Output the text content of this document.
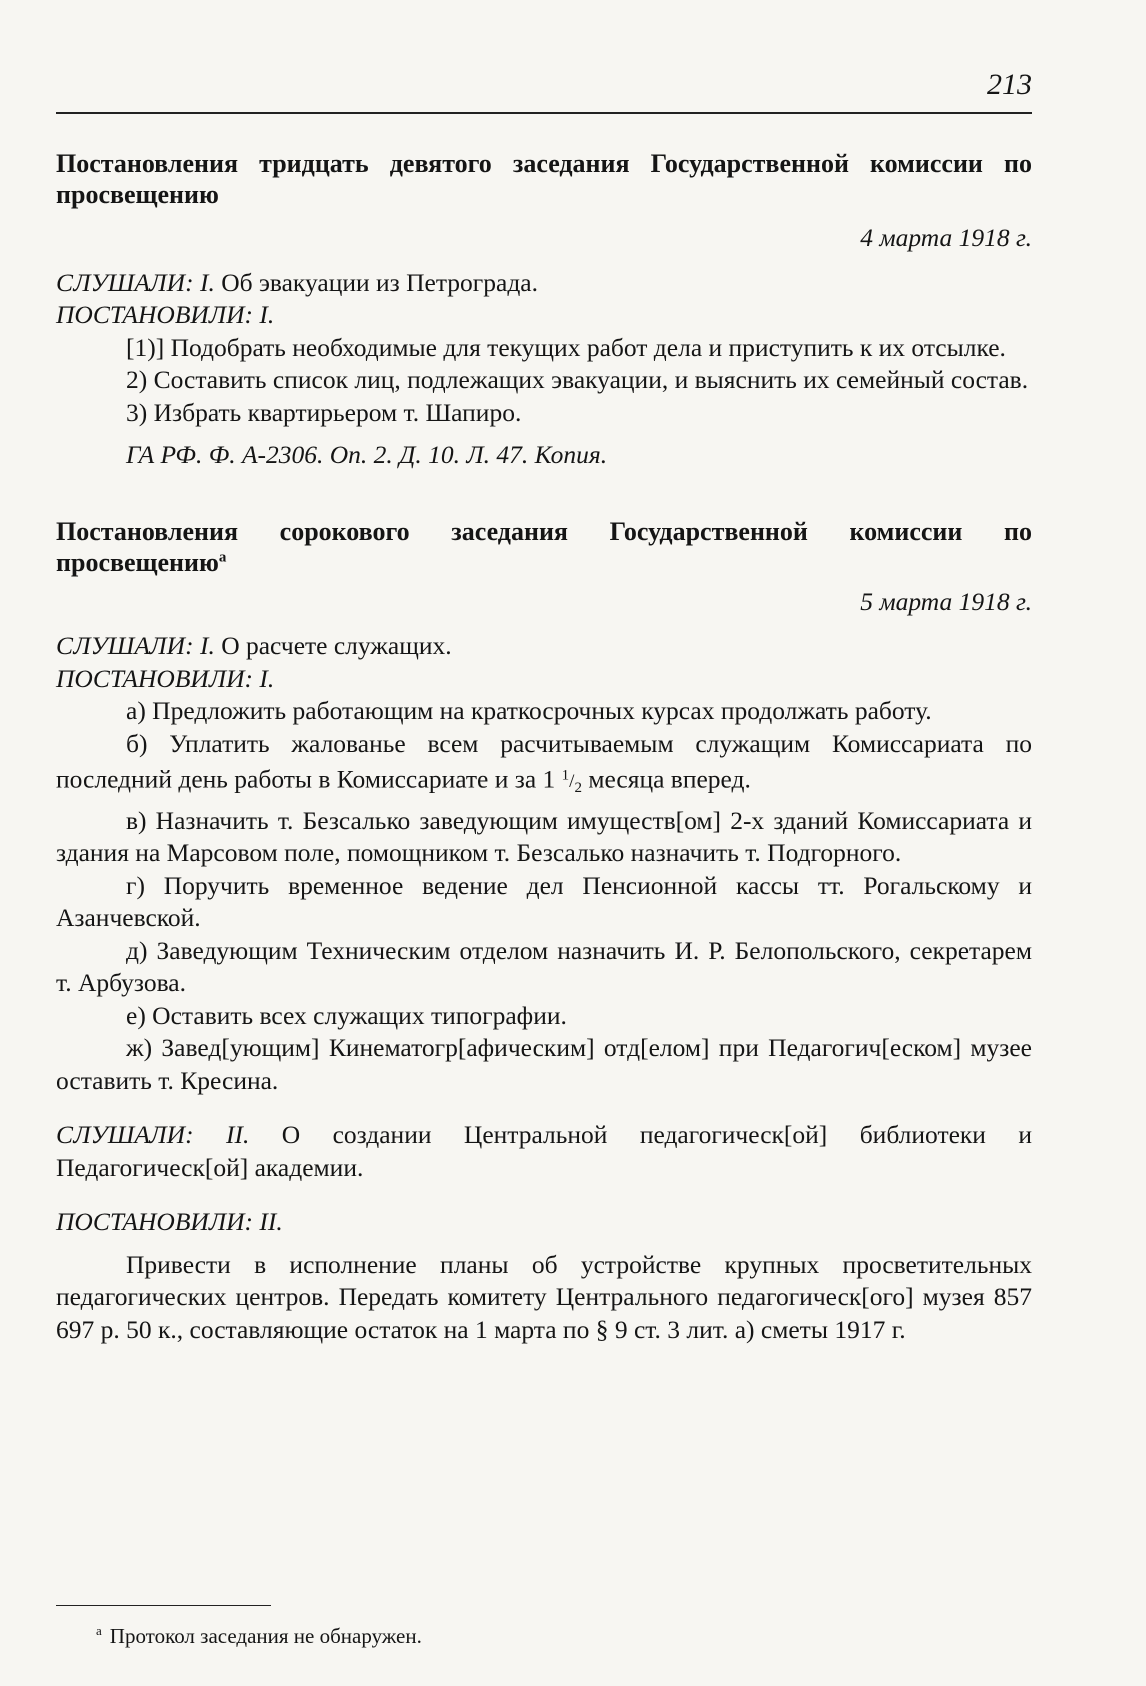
213

Постановления тридцать девятого заседания Государственной комиссии по просвещению

4 марта 1918 г.

СЛУШАЛИ: I. Об эвакуации из Петрограда.

ПОСТАНОВИЛИ: I.

[1)] Подобрать необходимые для текущих работ дела и приступить к их отсылке.

2) Составить список лиц, подлежащих эвакуации, и выяснить их семейный состав.

3) Избрать квартирьером т. Шапиро.

ГА РФ. Ф. А-2306. Оп. 2. Д. 10. Л. 47. Копия.

Постановления сорокового заседания Государственной комиссии по просвещению$^а$

5 марта 1918 г.

СЛУШАЛИ: I. О расчете служащих.

ПОСТАНОВИЛИ: I.

а) Предложить работающим на краткосрочных курсах продолжать работу.

б) Уплатить жалованье всем расчитываемым служащим Комиссариата по последний день работы в Комиссариате и за 1 $^1/_2$ месяца вперед.

в) Назначить т. Безсалько заведующим имуществ[ом] 2-х зданий Комиссариата и здания на Марсовом поле, помощником т. Безсалько назначить т. Подгорного.

г) Поручить временное ведение дел Пенсионной кассы тт. Рогальскому и Азанчевской.

д) Заведующим Техническим отделом назначить И. Р. Белопольского, секретарем т. Арбузова.

е) Оставить всех служащих типографии.

ж) Завед[ующим] Кинематогр[афическим] отд[елом] при Педагогич[еском] музее оставить т. Кресина.

СЛУШАЛИ: II. О создании Центральной педагогическ[ой] библиотеки и Педагогическ[ой] академии.

ПОСТАНОВИЛИ: II.

Привести в исполнение планы об устройстве крупных просветительных педагогических центров. Передать комитету Центрального педагогическ[ого] музея 857 697 р. 50 к., составляющие остаток на 1 марта по § 9 ст. 3 лит. а) сметы 1917 г.

$^а$ Протокол заседания не обнаружен.
